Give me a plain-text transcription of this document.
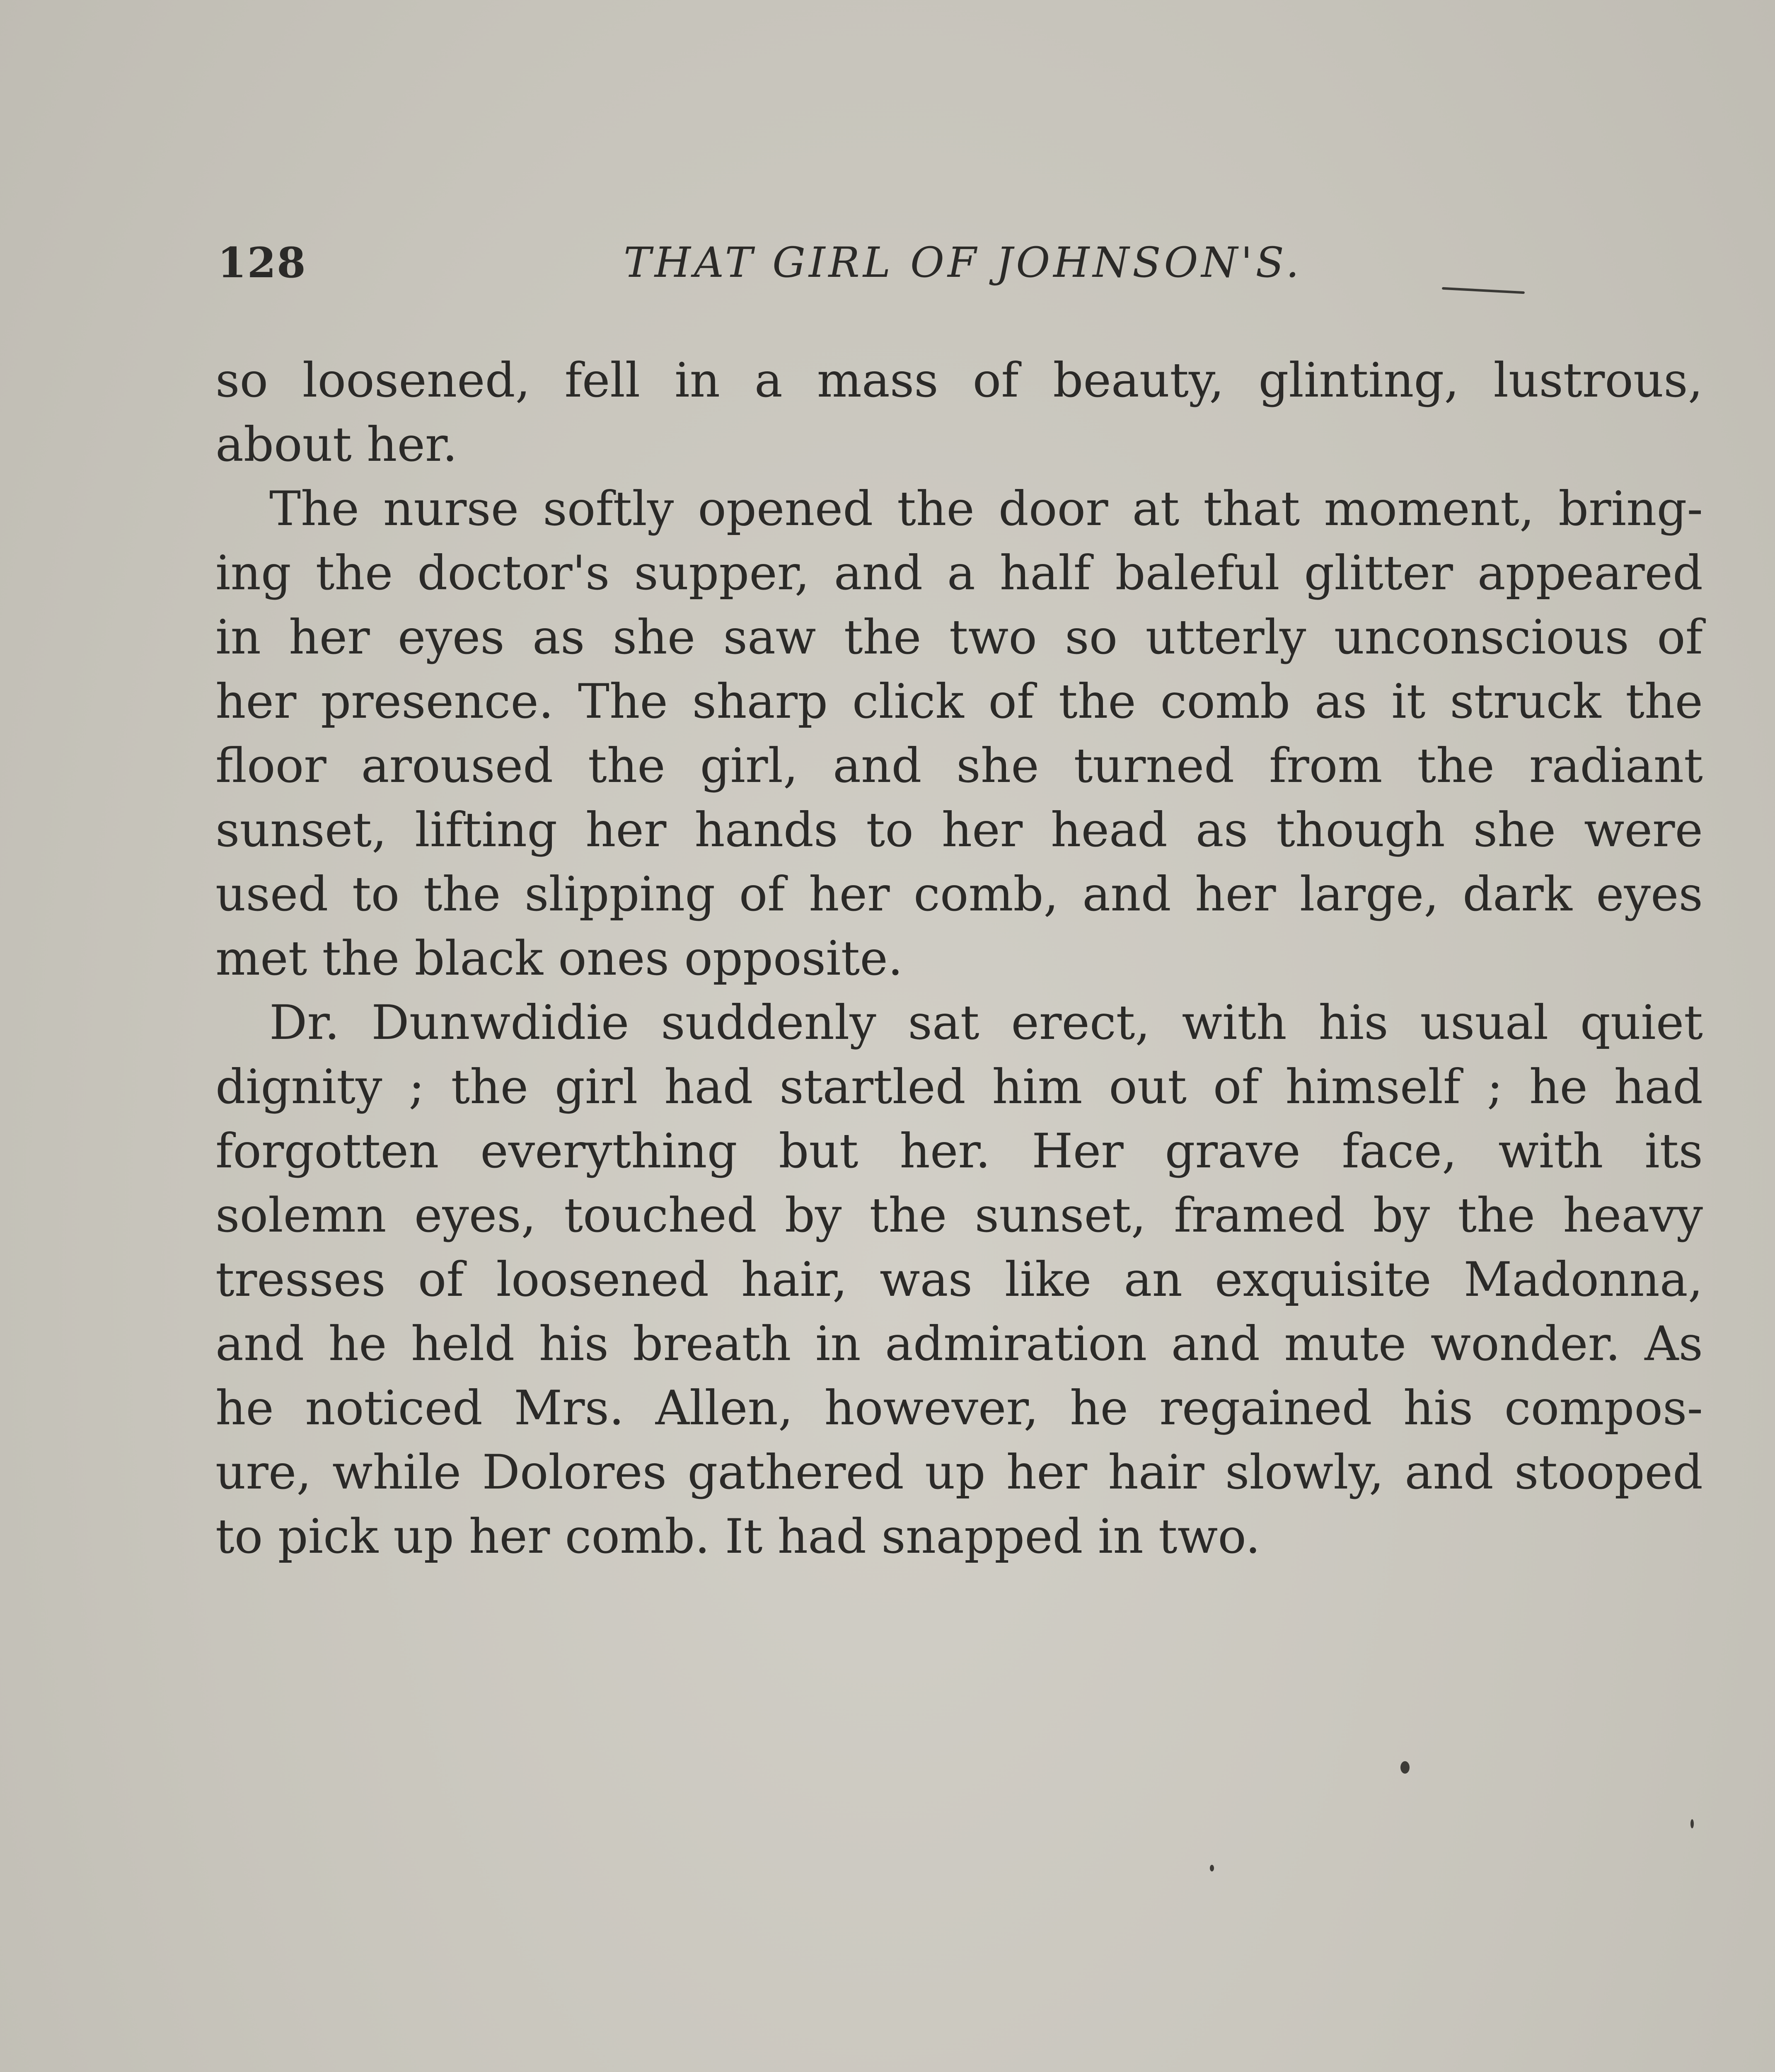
128	THAT GIRL OF JOHNSON'S.
so loosened, fell in a mass of beauty, glinting, lustrous,
about her.
The nurse softly opened the door at that moment, bring-
ing the doctor's supper, and a half baleful glitter appeared
in her eyes as she saw the two so utterly unconscious of
her presence. The sharp click of the comb as it struck the
floor aroused the girl, and she turned from the radiant
sunset, lifting her hands to her head as though she were
used to the slipping of her comb, and her large, dark eyes
met the black ones opposite.
Dr. Dunwdidie suddenly sat erect, with his usual quiet
dignity ; the girl had startled him out of himself ; he had
forgotten everything but her. Her grave face, with its
solemn eyes, touched by the sunset, framed by the heavy
tresses of loosened hair, was like an exquisite Madonna,
and he held his breath in admiration and mute wonder. As
he noticed Mrs. Allen, however, he regained his compos-
ure, while Dolores gathered up her hair slowly, and stooped
to pick up her comb. It had snapped in two.
